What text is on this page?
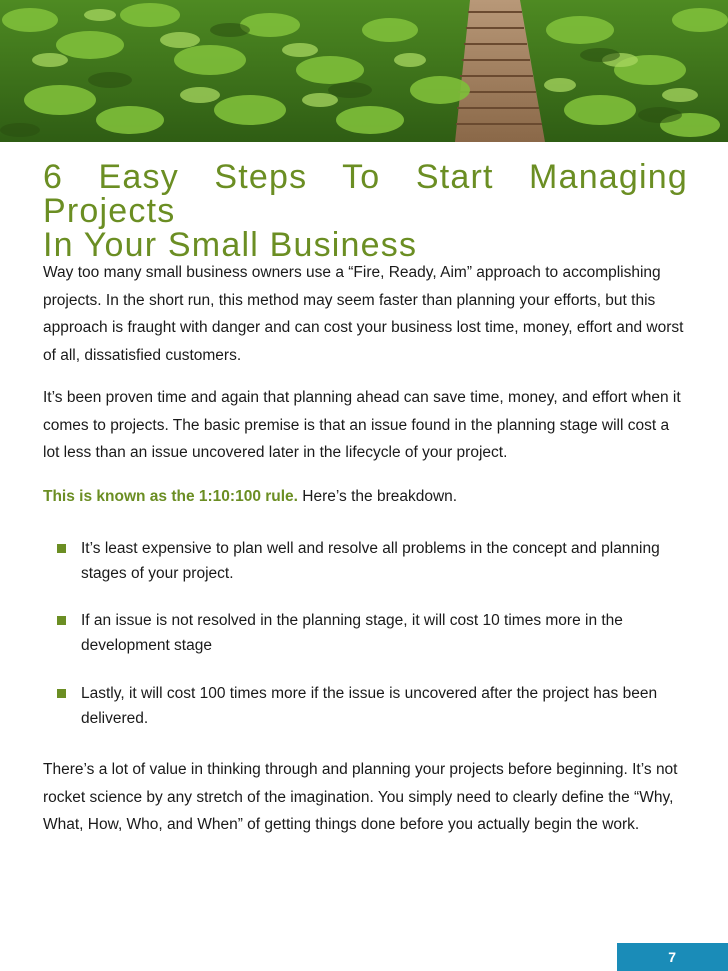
6 Easy Steps To Start Managing Projects
In Your Small Business

Way too many small business owners use a “Fire, Ready, Aim” approach to accomplishing projects. In the short run, this method may seem faster than planning your efforts, but this approach is fraught with danger and can cost your business lost time, money, effort and worst of all, dissatisfied customers.

It’s been proven time and again that planning ahead can save time, money, and effort when it comes to projects. The basic premise is that an issue found in the planning stage will cost a lot less than an issue uncovered later in the lifecycle of your project.

This is known as the 1:10:100 rule. Here’s the breakdown.

It’s least expensive to plan well and resolve all problems in the concept and planning stages of your project.
If an issue is not resolved in the planning stage, it will cost 10 times more in the development stage
Lastly, it will cost 100 times more if the issue is uncovered after the project has been delivered.

There’s a lot of value in thinking through and planning your projects before beginning. It’s not rocket science by any stretch of the imagination. You simply need to clearly define the “Why, What, How, Who, and When” of getting things done before you actually begin the work.

7
